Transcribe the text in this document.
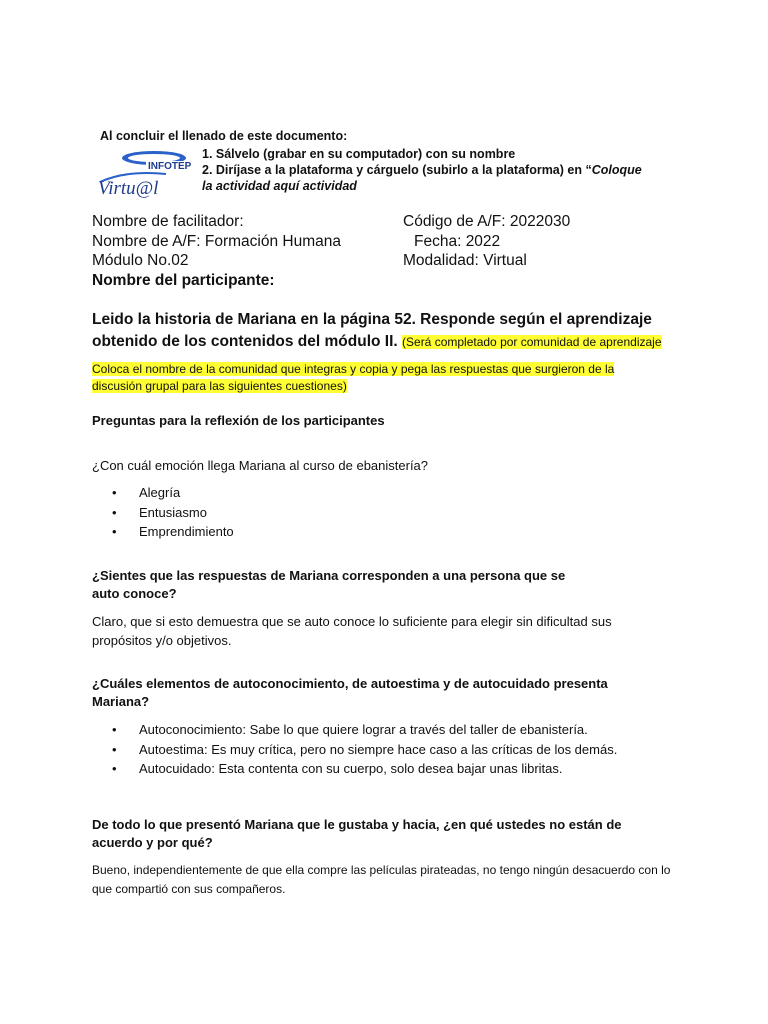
INFOTEP
Virtu@l
Al concluir el llenado de este documento:
1. Sálvelo (grabar en su computador) con su nombre
2. Diríjase a la plataforma y cárguelo (subirlo a la plataforma) en “Coloque la actividad aquí actividad
Nombre de facilitador:	Código de A/F: 2022030
Nombre de A/F: Formación Humana	Fecha: 2022
Módulo No.02	Modalidad: Virtual
Nombre del participante:
Leido la historia de Mariana en la página 52. Responde según el aprendizaje obtenido de los contenidos del módulo II. (Será completado por comunidad de aprendizaje
Coloca el nombre de la comunidad que integras y copia y pega las respuestas que surgieron de la discusión grupal para las siguientes cuestiones)
Preguntas para la reflexión de los participantes
¿Con cuál emoción llega Mariana al curso de ebanistería?
• Alegría
• Entusiasmo
• Emprendimiento
¿Sientes que las respuestas de Mariana corresponden a una persona que se auto conoce?
Claro, que si esto demuestra que se auto conoce lo suficiente para elegir sin dificultad sus propósitos y/o objetivos.
¿Cuáles elementos de autoconocimiento, de autoestima y de autocuidado presenta Mariana?
• Autoconocimiento: Sabe lo que quiere lograr a través del taller de ebanistería.
• Autoestima: Es muy crítica, pero no siempre hace caso a las críticas de los demás.
• Autocuidado: Esta contenta con su cuerpo, solo desea bajar unas libritas.
De todo lo que presentó Mariana que le gustaba y hacia, ¿en qué ustedes no están de acuerdo y por qué?
Bueno, independientemente de que ella compre las películas pirateadas, no tengo ningún desacuerdo con lo que compartió con sus compañeros.
